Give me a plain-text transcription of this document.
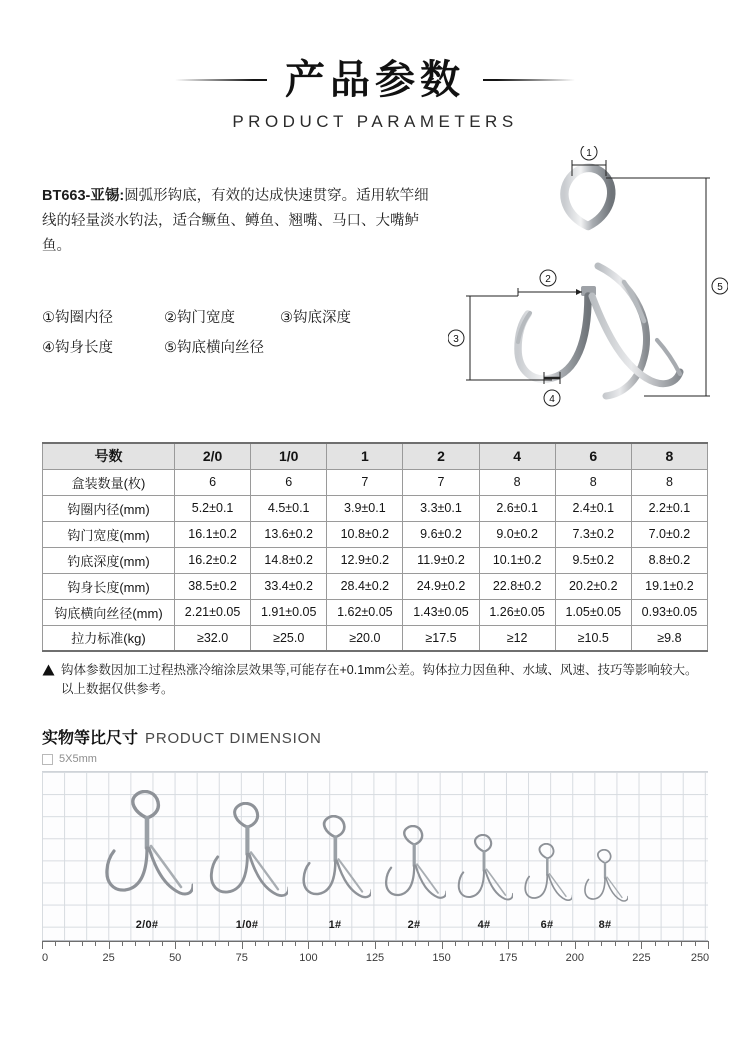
产品参数
PRODUCT PARAMETERS
BT663-亚锡:圆弧形钩底，有效的达成快速贯穿。适用软竿细线的轻量淡水钓法，适合鳜鱼、鳟鱼、翘嘴、马口、大嘴鲈鱼。
①钩圈内径	②钩门宽度	③钩底深度
④钩身长度	⑤钩底横向丝径
1
5
2
3
4
号数	2/0	1/0	1	2	4	6	8
盒装数量(枚)	6	6	7	7	8	8	8
钩圈内径(mm)	5.2±0.1	4.5±0.1	3.9±0.1	3.3±0.1	2.6±0.1	2.4±0.1	2.2±0.1
钩门宽度(mm)	16.1±0.2	13.6±0.2	10.8±0.2	9.6±0.2	9.0±0.2	7.3±0.2	7.0±0.2
钓底深度(mm)	16.2±0.2	14.8±0.2	12.9±0.2	11.9±0.2	10.1±0.2	9.5±0.2	8.8±0.2
钩身长度(mm)	38.5±0.2	33.4±0.2	28.4±0.2	24.9±0.2	22.8±0.2	20.2±0.2	19.1±0.2
钩底横向丝径(mm)	2.21±0.05	1.91±0.05	1.62±0.05	1.43±0.05	1.26±0.05	1.05±0.05	0.93±0.05
拉力标准(kg)	≥32.0	≥25.0	≥20.0	≥17.5	≥12	≥10.5	≥9.8
钩体参数因加工过程热涨冷缩涂层效果等,可能存在+0.1mm公差。钩体拉力因鱼种、水域、风速、技巧等影响较大。以上数据仅供参考。
实物等比尺寸 PRODUCT DIMENSION
5X5mm
2/0#	1/0#	1#	2#	4#	6#	8#
0	25	50	75	100	125	150	175	200	225	250
